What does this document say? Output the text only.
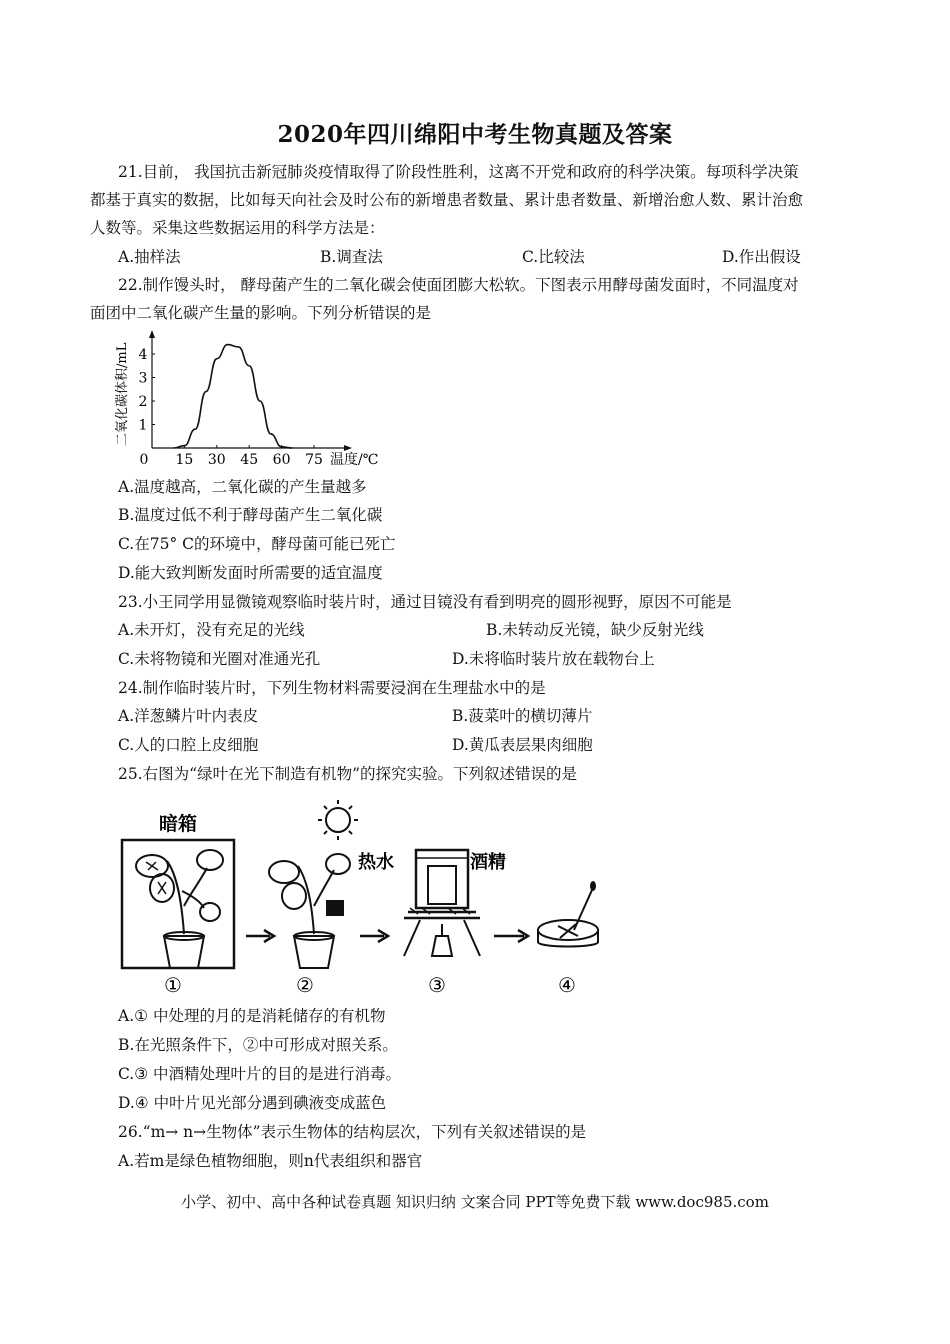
2020年四川绵阳中考生物真题及答案
21.目前， 我国抗击新冠肺炎疫情取得了阶段性胜利，这离不开党和政府的科学决策。每项科学决策
都基于真实的数据，比如每天向社会及时公布的新增患者数量、累计患者数量、新增治愈人数、累计治愈
人数等。采集这些数据运用的科学方法是：
A.抽样法	B.调查法	C.比较法	D.作出假设
22.制作馒头时， 酵母菌产生的二氧化碳会使面团膨大松软。下图表示用酵母菌发面时，不同温度对
面团中二氧化碳产生量的影响。下列分析错误的是
0 15 30 45 60 75
1
2
3
4
温度/℃
二氧化碳体积/mL
A.温度越高，二氧化碳的产生量越多
B.温度过低不利于酵母菌产生二氧化碳
C.在75° C的环境中，酵母菌可能已死亡
D.能大致判断发面时所需要的适宜温度
23.小王同学用显微镜观察临时装片时，通过目镜没有看到明亮的圆形视野，原因不可能是
A.未开灯，没有充足的光线	B.未转动反光镜，缺少反射光线
C.未将物镜和光圈对准通光孔	D.未将临时装片放在载物台上
24.制作临时装片时，下列生物材料需要浸润在生理盐水中的是
A.洋葱鳞片叶内表皮	B.菠菜叶的横切薄片
C.人的口腔上皮细胞	D.黄瓜表层果肉细胞
25.右图为“绿叶在光下制造有机物”的探究实验。下列叙述错误的是
暗箱
①	②
热水	酒精
③	④
A.① 中处理的月的是消耗储存的有机物
B.在光照条件下，②中可形成对照关系。
C.③ 中酒精处理叶片的目的是进行消毒。
D.④ 中叶片见光部分遇到碘液变成蓝色
26.“m→ n→生物体”表示生物体的结构层次，下列有关叙述错误的是
A.若m是绿色植物细胞，则n代表组织和器官
小学、初中、高中各种试卷真题 知识归纳 文案合同 PPT等免费下载 www.doc985.com
